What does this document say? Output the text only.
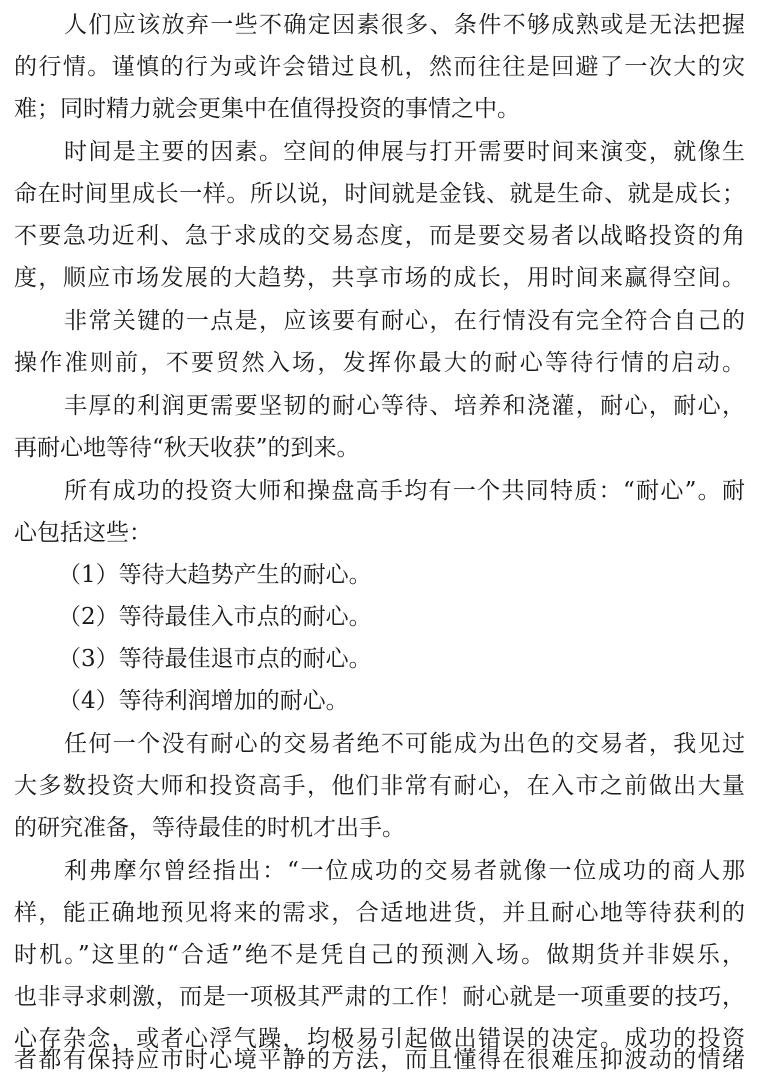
人们应该放弃一些不确定因素很多、条件不够成熟或是无法把握
的行情。谨慎的行为或许会错过良机，然而往往是回避了一次大的灾
难；同时精力就会更集中在值得投资的事情之中。
时间是主要的因素。空间的伸展与打开需要时间来演变，就像生
命在时间里成长一样。所以说，时间就是金钱、就是生命、就是成长；
不要急功近利、急于求成的交易态度，而是要交易者以战略投资的角
度，顺应市场发展的大趋势，共享市场的成长，用时间来赢得空间。
非常关键的一点是，应该要有耐心，在行情没有完全符合自己的
操作准则前，不要贸然入场，发挥你最大的耐心等待行情的启动。
丰厚的利润更需要坚韧的耐心等待、培养和浇灌，耐心，耐心，
再耐心地等待“秋天收获”的到来。
所有成功的投资大师和操盘高手均有一个共同特质：“耐心”。耐
心包括这些：
（1）等待大趋势产生的耐心。
（2）等待最佳入市点的耐心。
（3）等待最佳退市点的耐心。
（4）等待利润增加的耐心。
任何一个没有耐心的交易者绝不可能成为出色的交易者，我见过
大多数投资大师和投资高手，他们非常有耐心，在入市之前做出大量
的研究准备，等待最佳的时机才出手。
利弗摩尔曾经指出：“一位成功的交易者就像一位成功的商人那
样，能正确地预见将来的需求，合适地进货，并且耐心地等待获利的
时机。”这里的“合适”绝不是凭自己的预测入场。做期货并非娱乐，
也非寻求刺激，而是一项极其严肃的工作！耐心就是一项重要的技巧，
心存杂念，或者心浮气躁，均极易引起做出错误的决定。成功的投资
者都有保持应市时心境平静的方法，而且懂得在很难压抑波动的情绪
